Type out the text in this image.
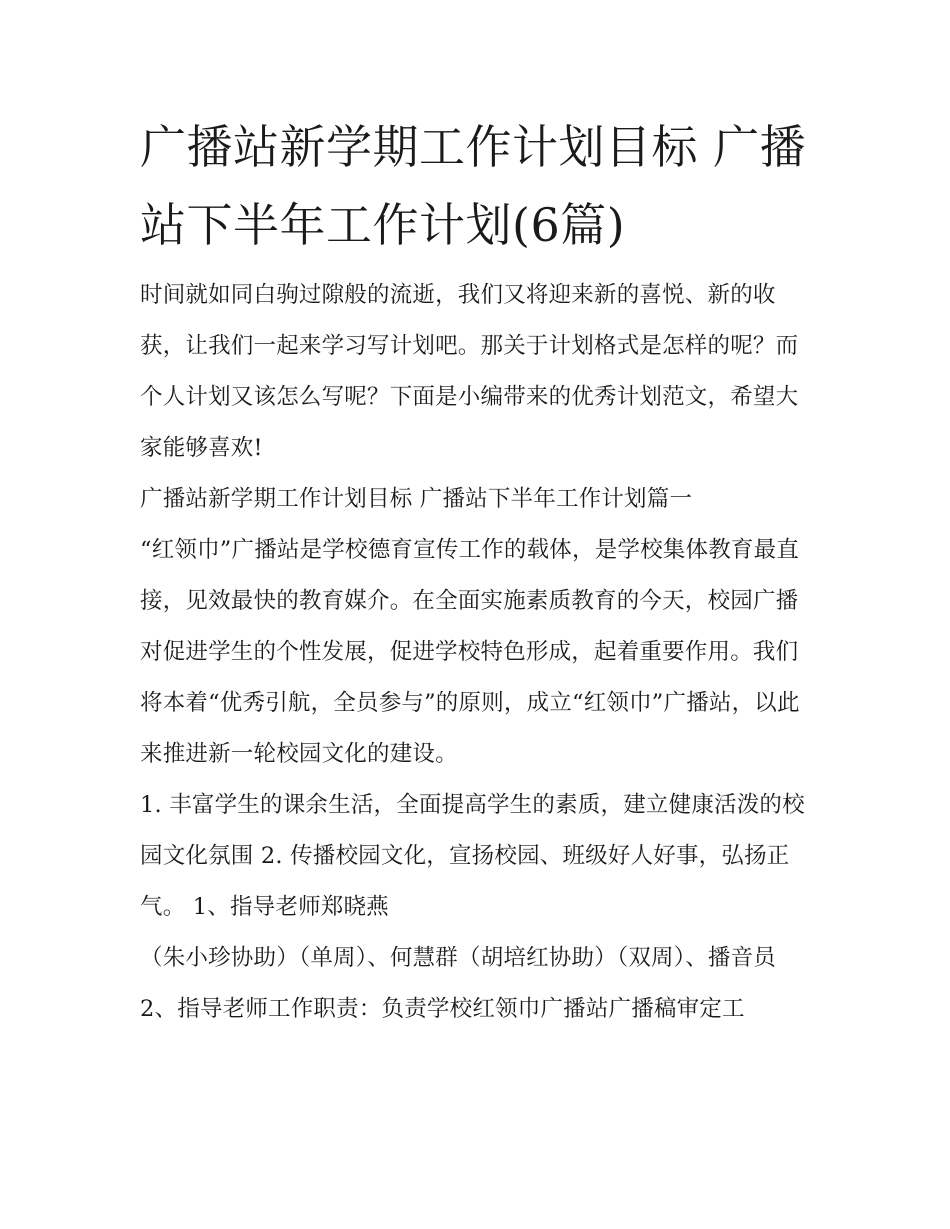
广播站新学期工作计划目标 广播站下半年工作计划(6篇)

时间就如同白驹过隙般的流逝，我们又将迎来新的喜悦、新的收获，让我们一起来学习写计划吧。那关于计划格式是怎样的呢？而个人计划又该怎么写呢？下面是小编带来的优秀计划范文，希望大家能够喜欢!

广播站新学期工作计划目标 广播站下半年工作计划篇一

“红领巾”广播站是学校德育宣传工作的载体，是学校集体教育最直接，见效最快的教育媒介。在全面实施素质教育的今天，校园广播对促进学生的个性发展，促进学校特色形成，起着重要作用。我们将本着“优秀引航，全员参与”的原则，成立“红领巾”广播站，以此来推进新一轮校园文化的建设。

1. 丰富学生的课余生活，全面提高学生的素质，建立健康活泼的校园文化氛围 2. 传播校园文化，宣扬校园、班级好人好事，弘扬正气。 1、指导老师郑晓燕

（朱小珍协助）（单周）、何慧群（胡培红协助）（双周）、播音员

2、指导老师工作职责：负责学校红领巾广播站广播稿审定工
